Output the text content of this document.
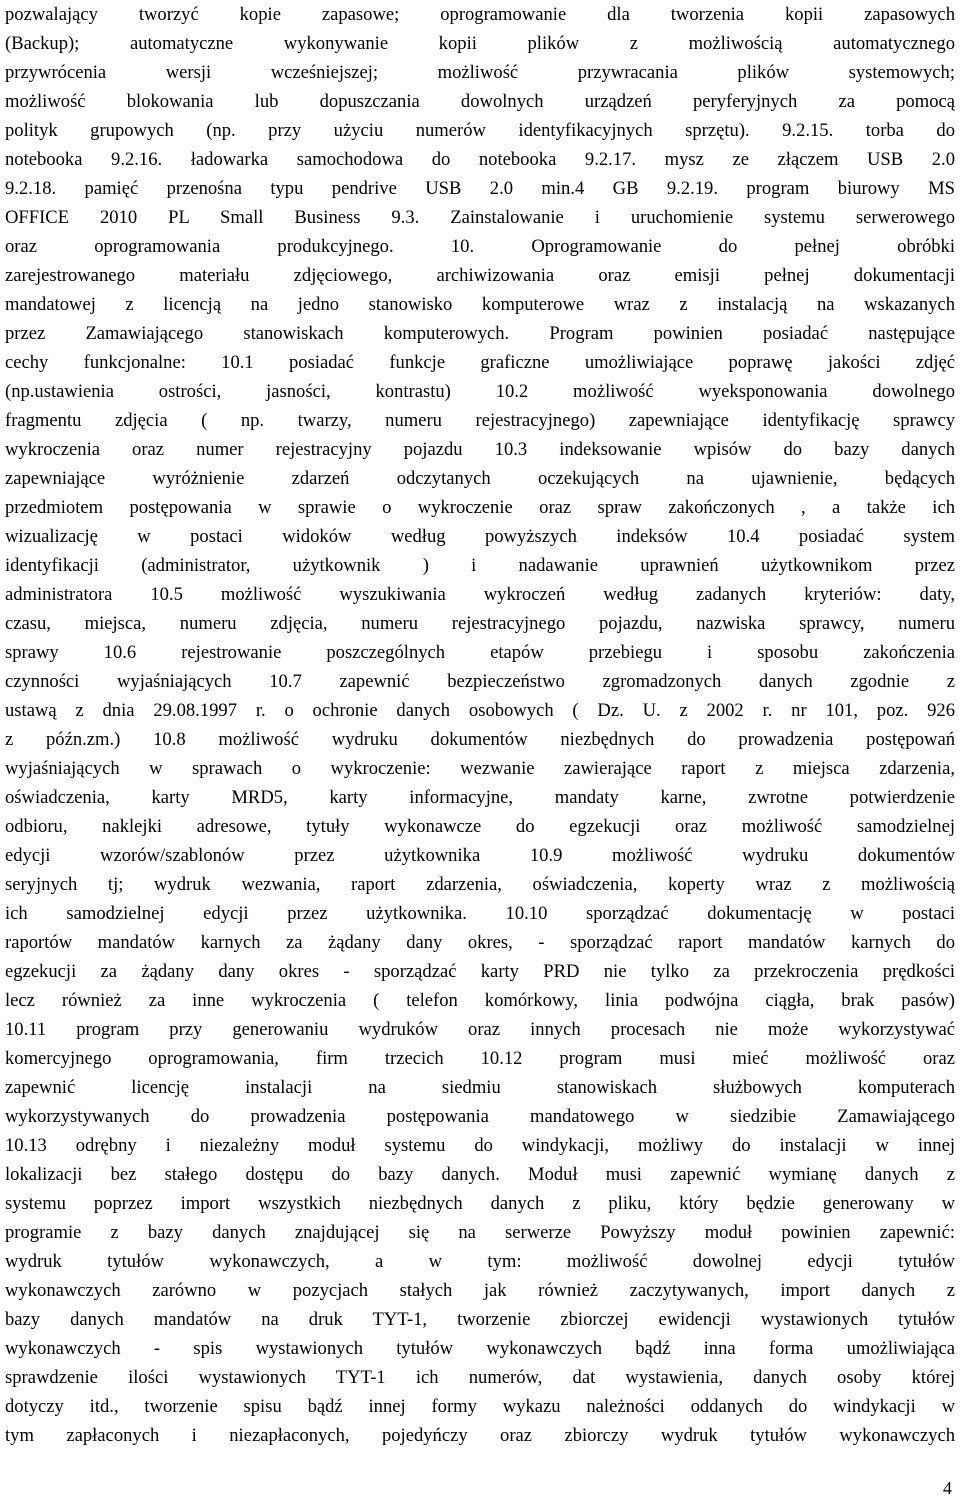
pozwalający tworzyć kopie zapasowe; oprogramowanie dla tworzenia kopii zapasowych
(Backup); automatyczne wykonywanie kopii plików z możliwością automatycznego
przywrócenia wersji wcześniejszej; możliwość przywracania plików systemowych;
możliwość blokowania lub dopuszczania dowolnych urządzeń peryferyjnych za pomocą
polityk grupowych (np. przy użyciu numerów identyfikacyjnych sprzętu). 9.2.15. torba do
notebooka 9.2.16. ładowarka samochodowa do notebooka 9.2.17. mysz ze złączem USB 2.0
9.2.18. pamięć przenośna typu pendrive USB 2.0 min.4 GB 9.2.19. program biurowy MS
OFFICE 2010 PL Small Business 9.3. Zainstalowanie i uruchomienie systemu serwerowego
oraz oprogramowania produkcyjnego. 10. Oprogramowanie do pełnej obróbki
zarejestrowanego materiału zdjęciowego, archiwizowania oraz emisji pełnej dokumentacji
mandatowej z licencją na jedno stanowisko komputerowe wraz z instalacją na wskazanych
przez Zamawiającego stanowiskach komputerowych. Program powinien posiadać następujące
cechy funkcjonalne: 10.1 posiadać funkcje graficzne umożliwiające poprawę jakości zdjęć
(np.ustawienia ostrości, jasności, kontrastu) 10.2 możliwość wyeksponowania dowolnego
fragmentu zdjęcia ( np. twarzy, numeru rejestracyjnego) zapewniające identyfikację sprawcy
wykroczenia oraz numer rejestracyjny pojazdu 10.3 indeksowanie wpisów do bazy danych
zapewniające wyróżnienie zdarzeń odczytanych oczekujących na ujawnienie, będących
przedmiotem postępowania w sprawie o wykroczenie oraz spraw zakończonych , a także ich
wizualizację w postaci widoków według powyższych indeksów 10.4 posiadać system
identyfikacji (administrator, użytkownik ) i nadawanie uprawnień użytkownikom przez
administratora 10.5 możliwość wyszukiwania wykroczeń według zadanych kryteriów: daty,
czasu, miejsca, numeru zdjęcia, numeru rejestracyjnego pojazdu, nazwiska sprawcy, numeru
sprawy 10.6 rejestrowanie poszczególnych etapów przebiegu i sposobu zakończenia
czynności wyjaśniających 10.7 zapewnić bezpieczeństwo zgromadzonych danych zgodnie z
ustawą z dnia 29.08.1997 r. o ochronie danych osobowych ( Dz. U. z 2002 r. nr 101, poz. 926
z późn.zm.) 10.8 możliwość wydruku dokumentów niezbędnych do prowadzenia postępowań
wyjaśniających w sprawach o wykroczenie: wezwanie zawierające raport z miejsca zdarzenia,
oświadczenia, karty MRD5, karty informacyjne, mandaty karne, zwrotne potwierdzenie
odbioru, naklejki adresowe, tytuły wykonawcze do egzekucji oraz możliwość samodzielnej
edycji wzorów/szablonów przez użytkownika 10.9 możliwość wydruku dokumentów
seryjnych tj; wydruk wezwania, raport zdarzenia, oświadczenia, koperty wraz z możliwością
ich samodzielnej edycji przez użytkownika. 10.10 sporządzać dokumentację w postaci
raportów mandatów karnych za żądany dany okres, - sporządzać raport mandatów karnych do
egzekucji za żądany dany okres - sporządzać karty PRD nie tylko za przekroczenia prędkości
lecz również za inne wykroczenia ( telefon komórkowy, linia podwójna ciągła, brak pasów)
10.11 program przy generowaniu wydruków oraz innych procesach nie może wykorzystywać
komercyjnego oprogramowania, firm trzecich 10.12 program musi mieć możliwość oraz
zapewnić licencję instalacji na siedmiu stanowiskach służbowych komputerach
wykorzystywanych do prowadzenia postępowania mandatowego w siedzibie Zamawiającego
10.13 odrębny i niezależny moduł systemu do windykacji, możliwy do instalacji w innej
lokalizacji bez stałego dostępu do bazy danych. Moduł musi zapewnić wymianę danych z
systemu poprzez import wszystkich niezbędnych danych z pliku, który będzie generowany w
programie z bazy danych znajdującej się na serwerze Powyższy moduł powinien zapewnić:
wydruk tytułów wykonawczych, a w tym: możliwość dowolnej edycji tytułów
wykonawczych zarówno w pozycjach stałych jak również zaczytywanych, import danych z
bazy danych mandatów na druk TYT-1, tworzenie zbiorczej ewidencji wystawionych tytułów
wykonawczych - spis wystawionych tytułów wykonawczych bądź inna forma umożliwiająca
sprawdzenie ilości wystawionych TYT-1 ich numerów, dat wystawienia, danych osoby której
dotyczy itd., tworzenie spisu bądź innej formy wykazu należności oddanych do windykacji w
tym zapłaconych i niezapłaconych, pojedyńczy oraz zbiorczy wydruk tytułów wykonawczych
4
